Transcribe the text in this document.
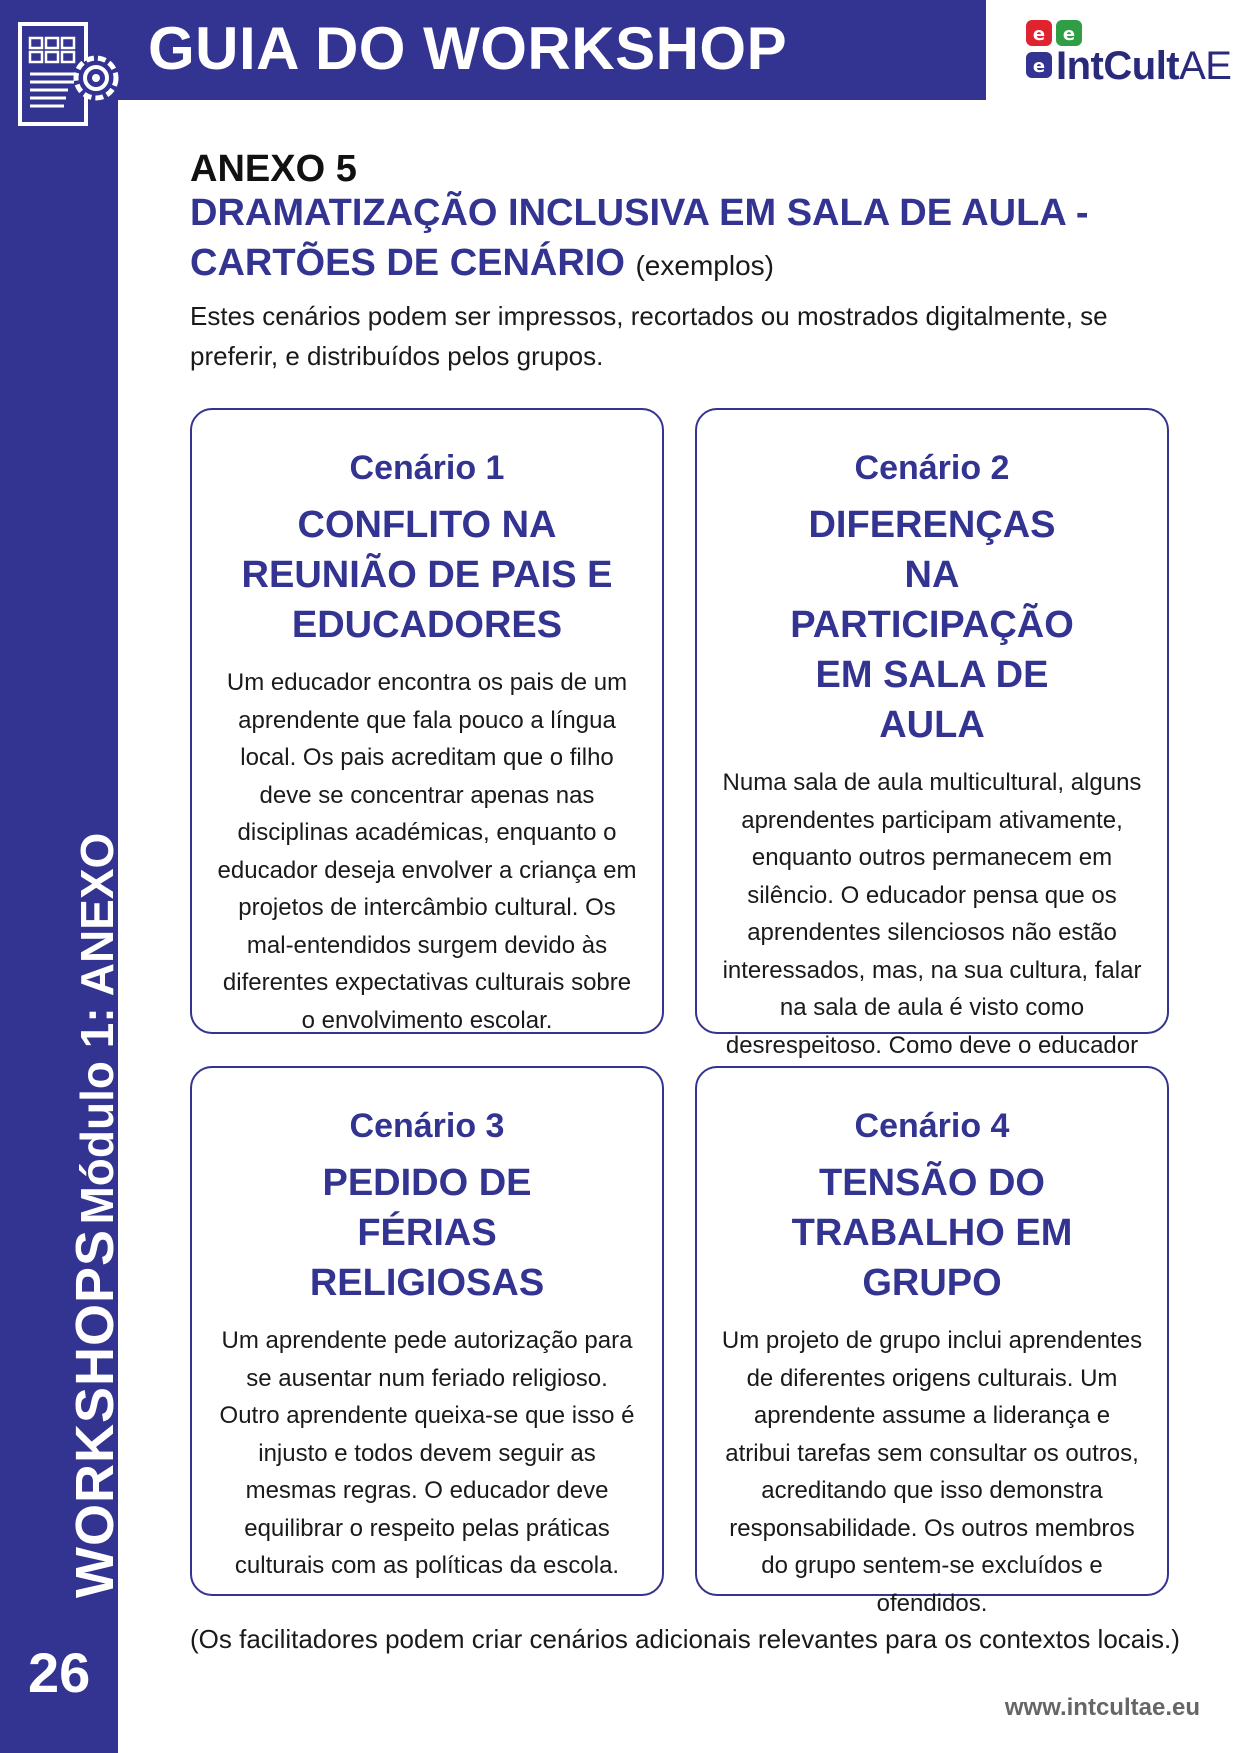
GUIA DO WORKSHOP	e e
e IntCultAE
WORKSHOPS Módulo 1: ANEXO
26
ANEXO 5
DRAMATIZAÇÃO INCLUSIVA EM SALA DE AULA -
CARTÕES DE CENÁRIO (exemplos)
Estes cenários podem ser impressos, recortados ou mostrados digitalmente, se preferir, e distribuídos pelos grupos.
Cenário 1
CONFLITO NA REUNIÃO DE PAIS E EDUCADORES
Um educador encontra os pais de um aprendente que fala pouco a língua local. Os pais acreditam que o filho deve se concentrar apenas nas disciplinas académicas, enquanto o educador deseja envolver a criança em projetos de intercâmbio cultural. Os mal-entendidos surgem devido às diferentes expectativas culturais sobre o envolvimento escolar.
Cenário 2
DIFERENÇAS NA PARTICIPAÇÃO EM SALA DE AULA
Numa sala de aula multicultural, alguns aprendentes participam ativamente, enquanto outros permanecem em silêncio. O educador pensa que os aprendentes silenciosos não estão interessados, mas, na sua cultura, falar na sala de aula é visto como desrespeitoso. Como deve o educador
Cenário 3
PEDIDO DE FÉRIAS RELIGIOSAS
Um aprendente pede autorização para se ausentar num feriado religioso. Outro aprendente queixa-se que isso é injusto e todos devem seguir as mesmas regras. O educador deve equilibrar o respeito pelas práticas culturais com as políticas da escola.
Cenário 4
TENSÃO DO TRABALHO EM GRUPO
Um projeto de grupo inclui aprendentes de diferentes origens culturais. Um aprendente assume a liderança e atribui tarefas sem consultar os outros, acreditando que isso demonstra responsabilidade. Os outros membros do grupo sentem-se excluídos e ofendidos.
(Os facilitadores podem criar cenários adicionais relevantes para os contextos locais.)
www.intcultae.eu
